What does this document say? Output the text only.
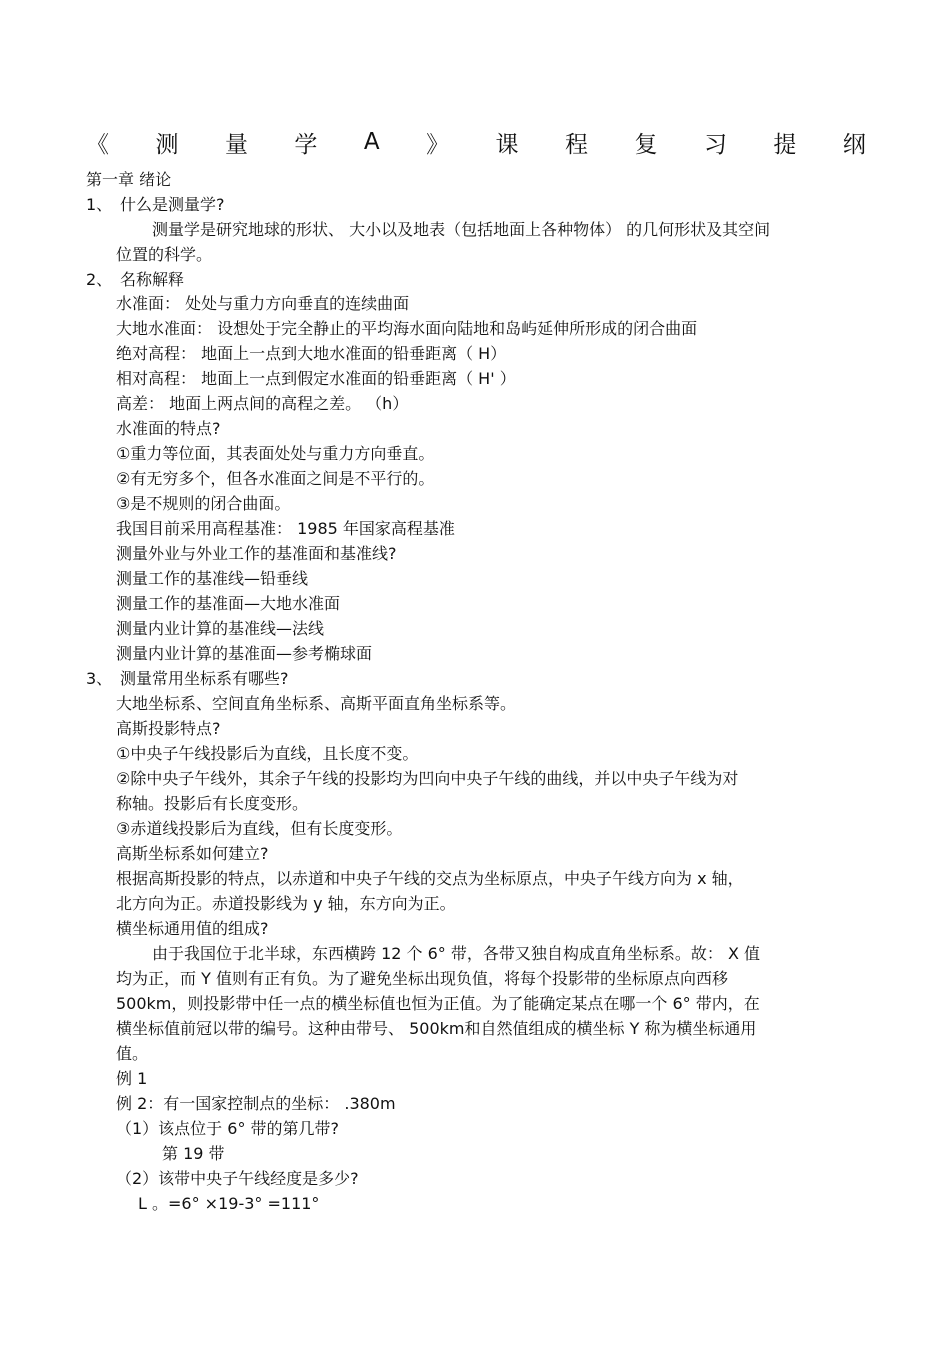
《 测 量 学 A 》 课 程 复 习 提 纲
第一章 绪论
1、 什么是测量学?
测量学是研究地球的形状、 大小以及地表（包括地面上各种物体） 的几何形状及其空间
位置的科学。
2、 名称解释
水准面： 处处与重力方向垂直的连续曲面
大地水准面： 设想处于完全静止的平均海水面向陆地和岛屿延伸所形成的闭合曲面
绝对高程： 地面上一点到大地水准面的铅垂距离（ H）
相对高程： 地面上一点到假定水准面的铅垂距离（ H' ）
高差： 地面上两点间的高程之差。 （h）
水准面的特点?
①重力等位面，其表面处处与重力方向垂直。
②有无穷多个，但各水准面之间是不平行的。
③是不规则的闭合曲面。
我国目前采用高程基准： 1985 年国家高程基准
测量外业与外业工作的基准面和基准线?
测量工作的基准线—铅垂线
测量工作的基准面—大地水准面
测量内业计算的基准线—法线
测量内业计算的基准面—参考椭球面
3、 测量常用坐标系有哪些?
大地坐标系、空间直角坐标系、高斯平面直角坐标系等。
高斯投影特点?
①中央子午线投影后为直线，且长度不变。
②除中央子午线外，其余子午线的投影均为凹向中央子午线的曲线，并以中央子午线为对
称轴。投影后有长度变形。
③赤道线投影后为直线，但有长度变形。
高斯坐标系如何建立?
根据高斯投影的特点，以赤道和中央子午线的交点为坐标原点，中央子午线方向为 x 轴，
北方向为正。赤道投影线为 y 轴，东方向为正。
横坐标通用值的组成?
由于我国位于北半球，东西横跨 12 个 6° 带，各带又独自构成直角坐标系。故： X 值
均为正，而 Y 值则有正有负。为了避免坐标出现负值，将每个投影带的坐标原点向西移
500km，则投影带中任一点的横坐标值也恒为正值。为了能确定某点在哪一个 6° 带内，在
横坐标值前冠以带的编号。这种由带号、 500km和自然值组成的横坐标 Y 称为横坐标通用
值。
例 1
例 2：有一国家控制点的坐标： .380m
（1）该点位于 6° 带的第几带?
第 19 带
（2）该带中央子午线经度是多少?
L 。=6° ×19-3° =111°
